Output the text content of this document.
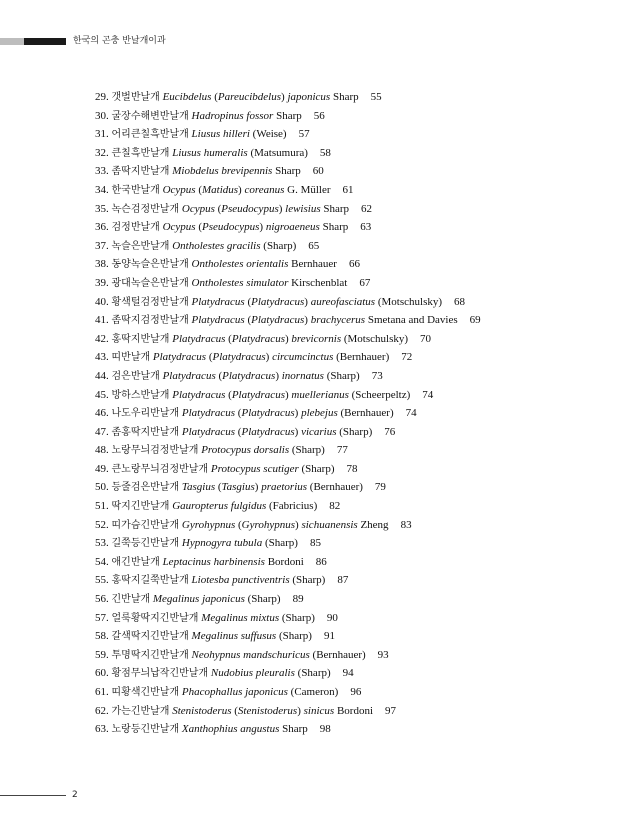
한국의 곤충 반날개이과
29. 갯벌반날개 Eucibdelus (Pareucibdelus) japonicus Sharp 55
30. 굴장수해변반날개 Hadropinus fossor Sharp 56
31. 어리큰칠흑반날개 Liusus hilleri (Weise) 57
32. 큰칠흑반날개 Liusus humeralis (Matsumura) 58
33. 좀딱지반날개 Miobdelus brevipennis Sharp 60
34. 한국반날개 Ocypus (Matidus) coreanus G. Müller 61
35. 녹슨검정반날개 Ocypus (Pseudocypus) lewisius Sharp 62
36. 검정반날개 Ocypus (Pseudocypus) nigroaeneus Sharp 63
37. 녹슬은반날개 Ontholestes gracilis (Sharp) 65
38. 동양녹슬은반날개 Ontholestes orientalis Bernhauer 66
39. 광대녹슬은반날개 Ontholestes simulator Kirschenblat 67
40. 황색털검정반날개 Platydracus (Platydracus) aureofasciatus (Motschulsky) 68
41. 좀딱지검정반날개 Platydracus (Platydracus) brachycerus Smetana and Davies 69
42. 홍딱지반날개 Platydracus (Platydracus) brevicornis (Motschulsky) 70
43. 띠반날개 Platydracus (Platydracus) circumcinctus (Bernhauer) 72
44. 검은반날개 Platydracus (Platydracus) inornatus (Sharp) 73
45. 방하스반날개 Platydracus (Platydracus) muellerianus (Scheerpeltz) 74
46. 나도우리반날개 Platydracus (Platydracus) plebejus (Bernhauer) 74
47. 좀홍딱지반날개 Platydracus (Platydracus) vicarius (Sharp) 76
48. 노랑무늬검정반날개 Protocypus dorsalis (Sharp) 77
49. 큰노랑무늬검정반날개 Protocypus scutiger (Sharp) 78
50. 등줄검은반날개 Tasgius (Tasgius) praetorius (Bernhauer) 79
51. 딱지긴반날개 Gauropterus fulgidus (Fabricius) 82
52. 띠가슴긴반날개 Gyrohypnus (Gyrohypnus) sichuanensis Zheng 83
53. 길쭉등긴반날개 Hypnogyra tubula (Sharp) 85
54. 애긴반날개 Leptacinus harbinensis Bordoni 86
55. 홍딱지길쭉반날개 Liotesba punctiventris (Sharp) 87
56. 긴반날개 Megalinus japonicus (Sharp) 89
57. 얼룩황딱지긴반날개 Megalinus mixtus (Sharp) 90
58. 갈색딱지긴반날개 Megalinus suffusus (Sharp) 91
59. 투명딱지긴반날개 Neohypnus mandschuricus (Bernhauer) 93
60. 황점무늬납작긴반날개 Nudobius pleuralis (Sharp) 94
61. 띠황색긴반날개 Phacophallus japonicus (Cameron) 96
62. 가는긴반날개 Stenistoderus (Stenistoderus) sinicus Bordoni 97
63. 노랑등긴반날개 Xanthophius angustus Sharp 98
2
